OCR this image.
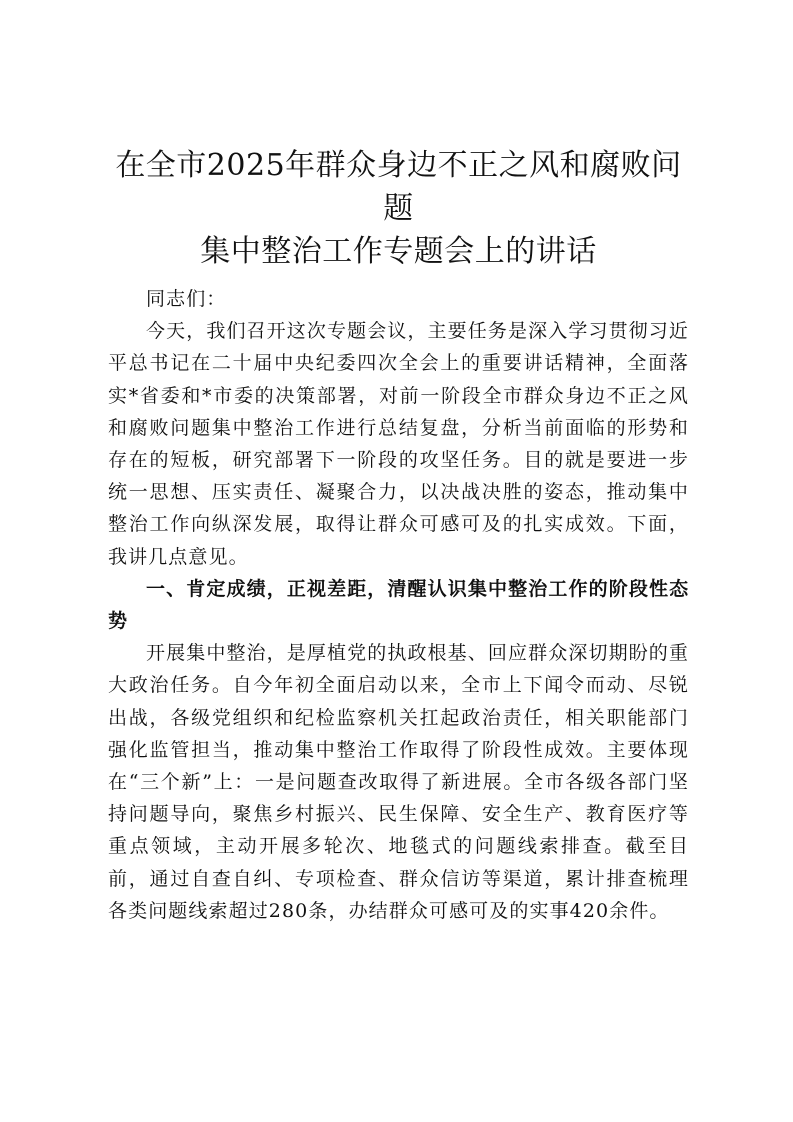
在全市2025年群众身边不正之风和腐败问题
集中整治工作专题会上的讲话

同志们：

今天，我们召开这次专题会议，主要任务是深入学习贯彻习近平总书记在二十届中央纪委四次全会上的重要讲话精神，全面落实*省委和*市委的决策部署，对前一阶段全市群众身边不正之风和腐败问题集中整治工作进行总结复盘，分析当前面临的形势和存在的短板，研究部署下一阶段的攻坚任务。目的就是要进一步统一思想、压实责任、凝聚合力，以决战决胜的姿态，推动集中整治工作向纵深发展，取得让群众可感可及的扎实成效。下面，我讲几点意见。

一、肯定成绩，正视差距，清醒认识集中整治工作的阶段性态势

开展集中整治，是厚植党的执政根基、回应群众深切期盼的重大政治任务。自今年初全面启动以来，全市上下闻令而动、尽锐出战，各级党组织和纪检监察机关扛起政治责任，相关职能部门强化监管担当，推动集中整治工作取得了阶段性成效。主要体现在“三个新”上：一是问题查改取得了新进展。全市各级各部门坚持问题导向，聚焦乡村振兴、民生保障、安全生产、教育医疗等重点领域，主动开展多轮次、地毯式的问题线索排查。截至目前，通过自查自纠、专项检查、群众信访等渠道，累计排查梳理各类问题线索超过280条，办结群众可感可及的实事420余件。
